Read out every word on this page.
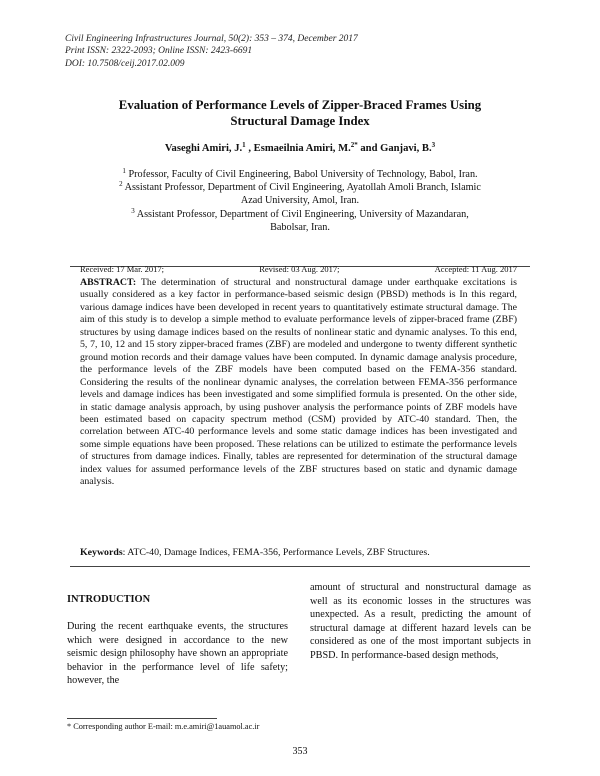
Civil Engineering Infrastructures Journal, 50(2): 353 – 374, December 2017
Print ISSN: 2322-2093; Online ISSN: 2423-6691
DOI: 10.7508/ceij.2017.02.009
Evaluation of Performance Levels of Zipper-Braced Frames Using
Structural Damage Index
Vaseghi Amiri, J.$^1$ , Esmaeilnia Amiri, M.$^{2*}$ and Ganjavi, B.$^3$
$^1$ Professor, Faculty of Civil Engineering, Babol University of Technology, Babol, Iran.
$^2$ Assistant Professor, Department of Civil Engineering, Ayatollah Amoli Branch, Islamic
Azad University, Amol, Iran.
$^3$ Assistant Professor, Department of Civil Engineering, University of Mazandaran,
Babolsar, Iran.
Received: 17 Mar. 2017;	Revised: 03 Aug. 2017;	Accepted: 11 Aug. 2017
ABSTRACT: The determination of structural and nonstructural damage under earthquake excitations is usually considered as a key factor in performance-based seismic design (PBSD) methods is In this regard, various damage indices have been developed in recent years to quantitatively estimate structural damage. The aim of this study is to develop a simple method to evaluate performance levels of zipper-braced frame (ZBF) structures by using damage indices based on the results of nonlinear static and dynamic analyses. To this end, 5, 7, 10, 12 and 15 story zipper-braced frames (ZBF) are modeled and undergone to twenty different synthetic ground motion records and their damage values have been computed. In dynamic damage analysis procedure, the performance levels of the ZBF models have been computed based on the FEMA-356 standard. Considering the results of the nonlinear dynamic analyses, the correlation between FEMA-356 performance levels and damage indices has been investigated and some simplified formula is presented. On the other side, in static damage analysis approach, by using pushover analysis the performance points of ZBF models have been estimated based on capacity spectrum method (CSM) provided by ATC-40 standard. Then, the correlation between ATC-40 performance levels and some static damage indices has been investigated and some simple equations have been proposed. These relations can be utilized to estimate the performance levels of structures from damage indices. Finally, tables are represented for determination of the structural damage index values for assumed performance levels of the ZBF structures based on static and dynamic damage analysis.
Keywords: ATC-40, Damage Indices, FEMA-356, Performance Levels, ZBF Structures.
INTRODUCTION
During the recent earthquake events, the structures which were designed in accordance to the new seismic design philosophy have shown an appropriate behavior in the performance level of life safety; however, the
amount of structural and nonstructural damage as well as its economic losses in the structures was unexpected. As a result, predicting the amount of structural damage at different hazard levels can be considered as one of the most important subjects in PBSD. In performance-based design methods,
* Corresponding author E-mail: m.e.amiri@1auamol.ac.ir
353
